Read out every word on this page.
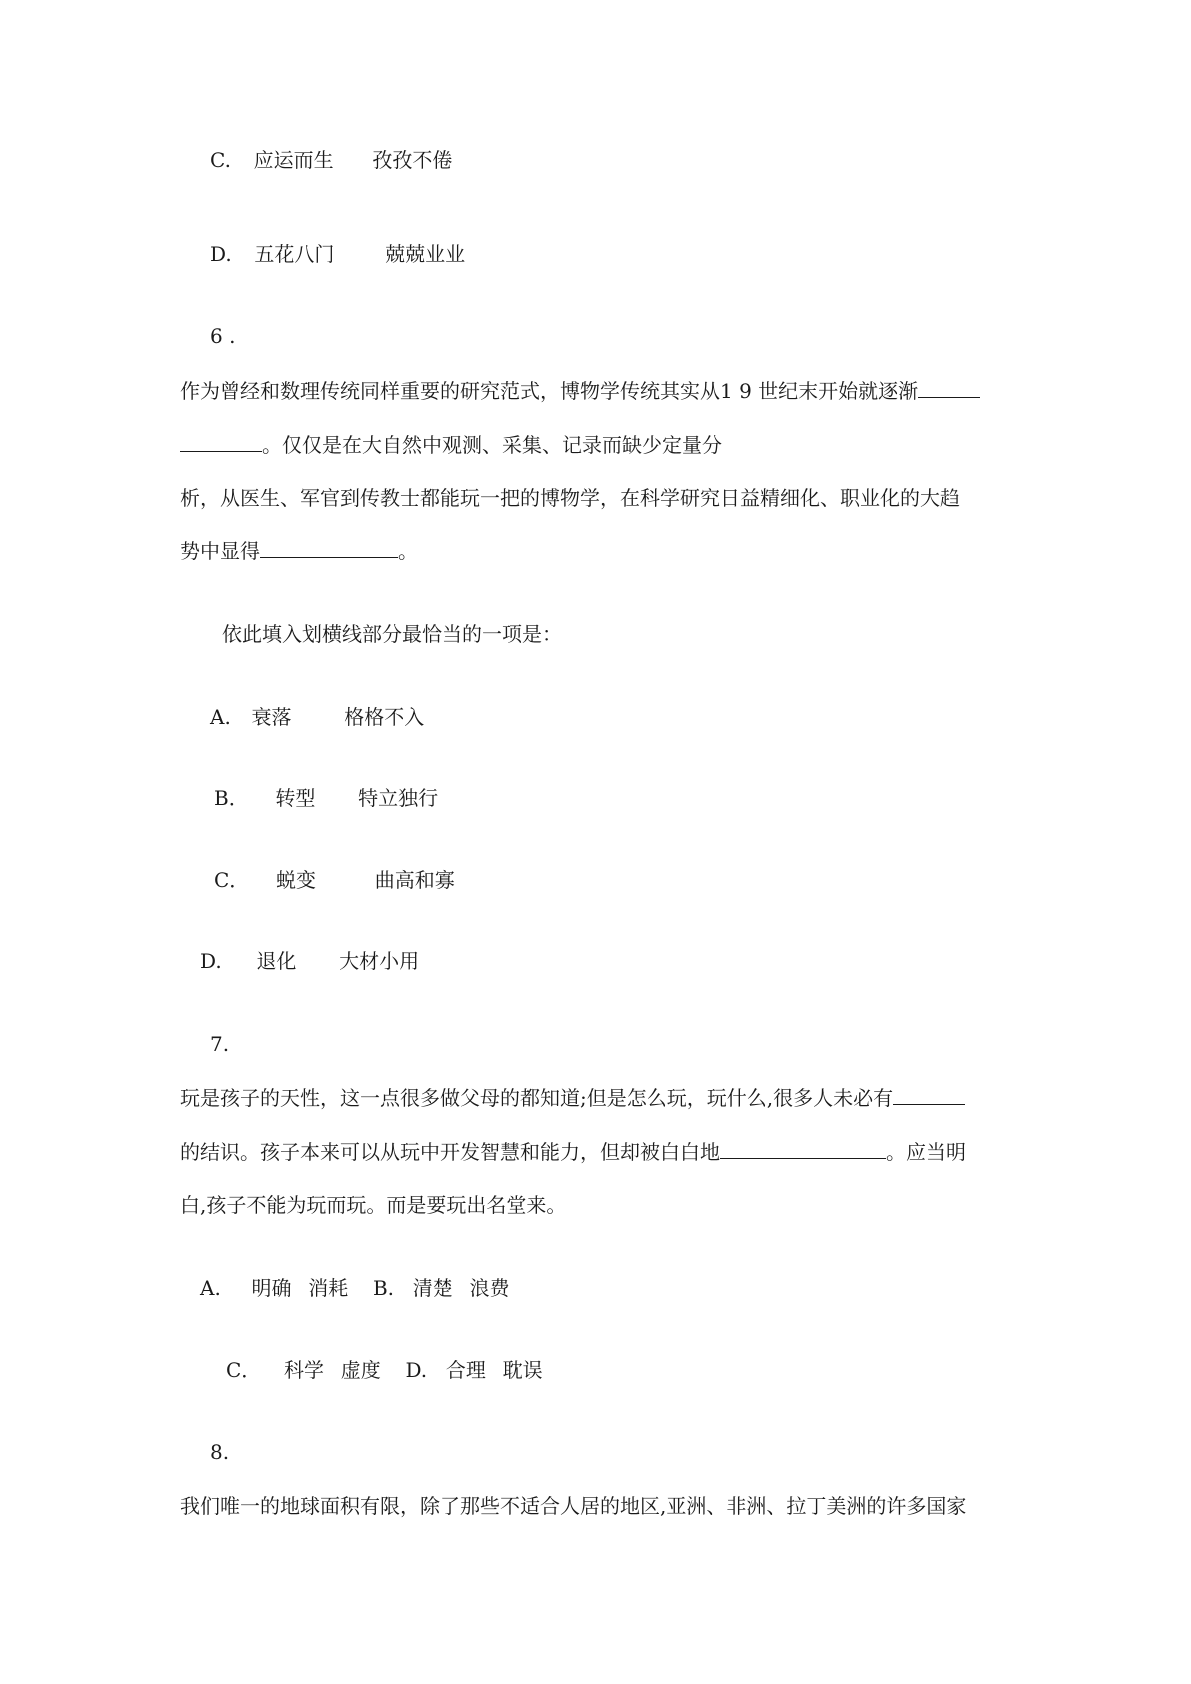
C. 应运而生 孜孜不倦
D. 五花八门	兢兢业业
6 .
作为曾经和数理传统同样重要的研究范式，博物学传统其实从1 9 世纪末开始就逐渐
。仅仅是在大自然中观测、采集、记录而缺少定量分
析，从医生、军官到传教士都能玩一把的博物学，在科学研究日益精细化、职业化的大趋
势中显得	。
依此填入划横线部分最恰当的一项是：
A. 衰落	格格不入
B． 转型 特立独行
C． 蜕变	曲高和寡
D. 退化 大材小用
7.
玩是孩子的天性，这一点很多做父母的都知道;但是怎么玩，玩什么,很多人未必有
的结识。孩子本来可以从玩中开发智慧和能力，但却被白白地	。应当明
白,孩子不能为玩而玩。而是要玩出名堂来。
A. 明确 消耗 B. 清楚 浪费
C． 科学 虚度 D. 合理 耽误
8.
我们唯一的地球面积有限，除了那些不适合人居的地区,亚洲、非洲、拉丁美洲的许多国家
